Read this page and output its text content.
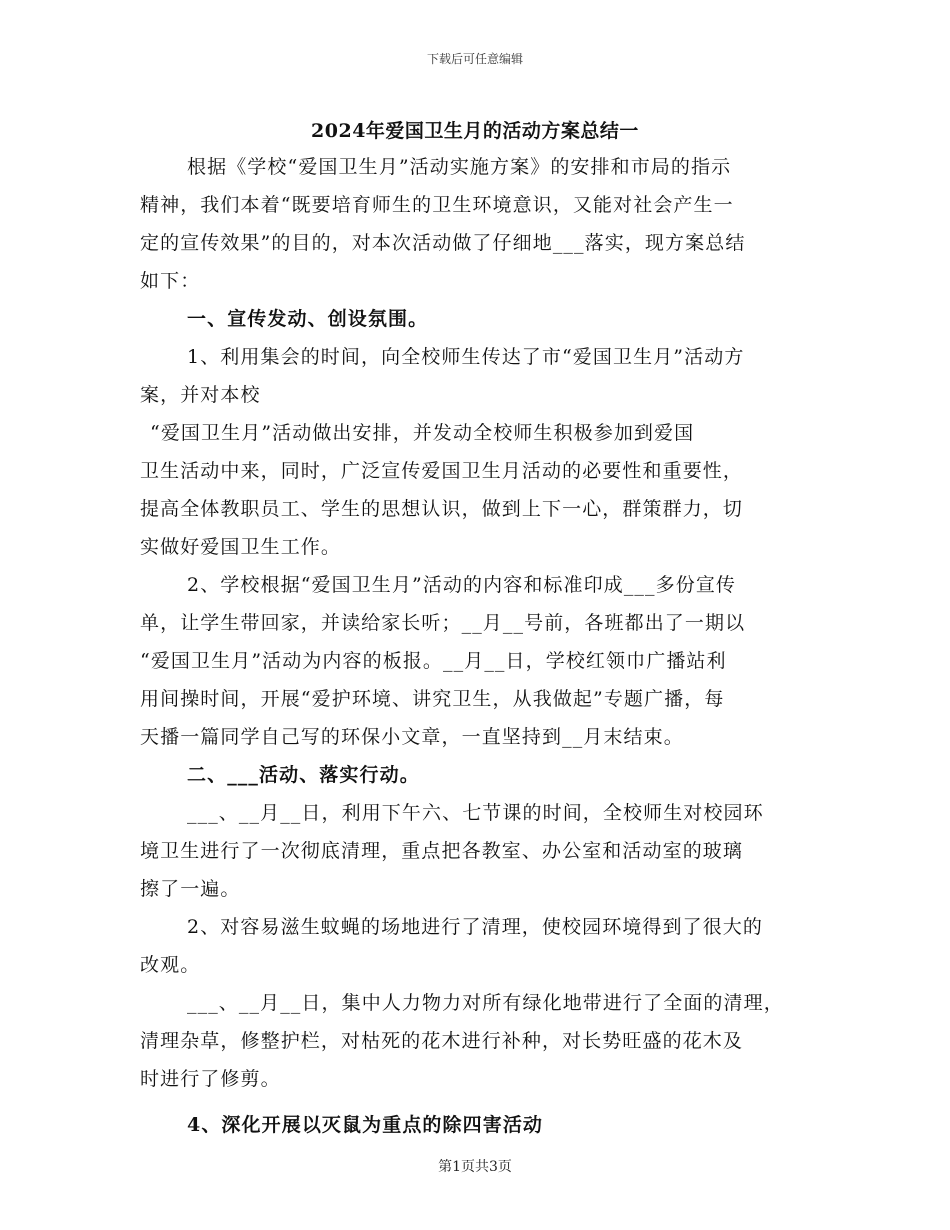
下载后可任意编辑
2024年爱国卫生月的活动方案总结一
根据《学校“爱国卫生月”活动实施方案》的安排和市局的指示
精神，我们本着“既要培育师生的卫生环境意识，又能对社会产生一
定的宣传效果”的目的，对本次活动做了仔细地___落实，现方案总结
如下：
一、宣传发动、创设氛围。
1、利用集会的时间，向全校师生传达了市“爱国卫生月”活动方
案，并对本校
“爱国卫生月”活动做出安排，并发动全校师生积极参加到爱国
卫生活动中来，同时，广泛宣传爱国卫生月活动的必要性和重要性，
提高全体教职员工、学生的思想认识，做到上下一心，群策群力，切
实做好爱国卫生工作。
2、学校根据“爱国卫生月”活动的内容和标准印成___多份宣传
单，让学生带回家，并读给家长听；__月__号前，各班都出了一期以
“爱国卫生月”活动为内容的板报。__月__日，学校红领巾广播站利
用间操时间，开展“爱护环境、讲究卫生，从我做起”专题广播，每
天播一篇同学自己写的环保小文章，一直坚持到__月末结束。
二、___活动、落实行动。
___、__月__日，利用下午六、七节课的时间，全校师生对校园环
境卫生进行了一次彻底清理，重点把各教室、办公室和活动室的玻璃
擦了一遍。
2、对容易滋生蚊蝇的场地进行了清理，使校园环境得到了很大的
改观。
___、__月__日，集中人力物力对所有绿化地带进行了全面的清理，
清理杂草，修整护栏，对枯死的花木进行补种，对长势旺盛的花木及
时进行了修剪。
4、深化开展以灭鼠为重点的除四害活动
第1页共3页
